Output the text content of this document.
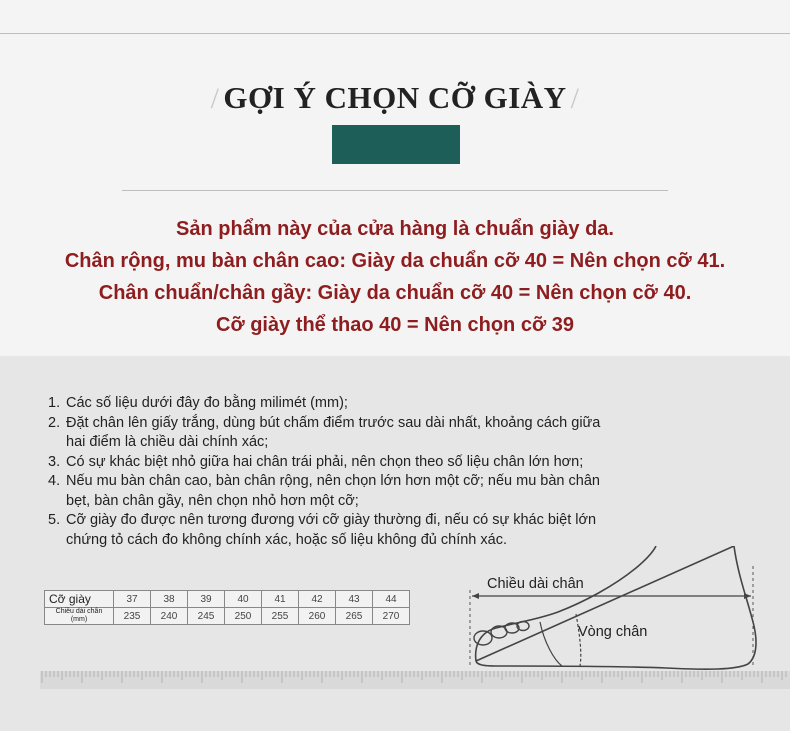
/ GỢI Ý CHỌN CỠ GIÀY /
Sản phẩm này của cửa hàng là chuẩn giày da.
Chân rộng, mu bàn chân cao: Giày da chuẩn cỡ 40 = Nên chọn cỡ 41.
Chân chuẩn/chân gầy: Giày da chuẩn cỡ 40 = Nên chọn cỡ 40.
Cỡ giày thể thao 40 = Nên chọn cỡ 39
1. Các số liệu dưới đây đo bằng milimét (mm);
2. Đặt chân lên giấy trắng, dùng bút chấm điểm trước sau dài nhất, khoảng cách giữa
hai điểm là chiều dài chính xác;
3. Có sự khác biệt nhỏ giữa hai chân trái phải, nên chọn theo số liệu chân lớn hơn;
4. Nếu mu bàn chân cao, bàn chân rộng, nên chọn lớn hơn một cỡ; nếu mu bàn chân
bẹt, bàn chân gầy, nên chọn nhỏ hơn một cỡ;
5. Cỡ giày đo được nên tương đương với cỡ giày thường đi, nếu có sự khác biệt lớn
chứng tỏ cách đo không chính xác, hoặc số liệu không đủ chính xác.
Cỡ giày	37	38	39	40	41	42	43	44

Chiều dài chân
(mm)	235	240	245	250	255	260	265	270
Chiều dài chân
Vòng chân
